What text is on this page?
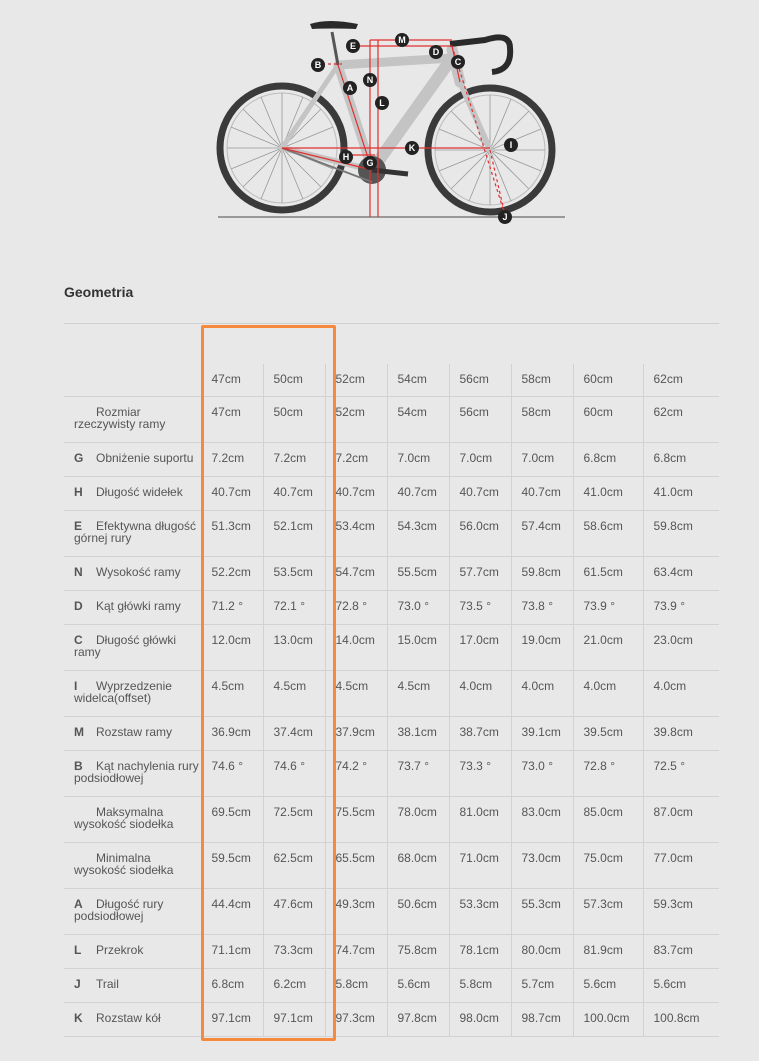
M
E
D
C
B
N
A
L
K	I
H
G
J
Geometria
	47cm	50cm	52cm	54cm	56cm	58cm	60cm	62cm

Rozmiar rzeczywisty ramy	47cm	50cm	52cm	54cm	56cm	58cm	60cm	62cm

G Obniżenie suportu	7.2cm	7.2cm	7.2cm	7.0cm	7.0cm	7.0cm	6.8cm	6.8cm

H Długość widełek	40.7cm	40.7cm	40.7cm	40.7cm	40.7cm	40.7cm	41.0cm	41.0cm

E Efektywna długość górnej rury	51.3cm	52.1cm	53.4cm	54.3cm	56.0cm	57.4cm	58.6cm	59.8cm

N Wysokość ramy	52.2cm	53.5cm	54.7cm	55.5cm	57.7cm	59.8cm	61.5cm	63.4cm

D Kąt główki ramy	71.2 °	72.1 °	72.8 °	73.0 °	73.5 °	73.8 °	73.9 °	73.9 °

C Długość główki ramy	12.0cm	13.0cm	14.0cm	15.0cm	17.0cm	19.0cm	21.0cm	23.0cm

I Wyprzedzenie widelca(offset)	4.5cm	4.5cm	4.5cm	4.5cm	4.0cm	4.0cm	4.0cm	4.0cm

M Rozstaw ramy	36.9cm	37.4cm	37.9cm	38.1cm	38.7cm	39.1cm	39.5cm	39.8cm

B Kąt nachylenia rury podsiodłowej	74.6 °	74.6 °	74.2 °	73.7 °	73.3 °	73.0 °	72.8 °	72.5 °

Maksymalna wysokość siodełka	69.5cm	72.5cm	75.5cm	78.0cm	81.0cm	83.0cm	85.0cm	87.0cm

Minimalna wysokość siodełka	59.5cm	62.5cm	65.5cm	68.0cm	71.0cm	73.0cm	75.0cm	77.0cm

A Długość rury podsiodłowej	44.4cm	47.6cm	49.3cm	50.6cm	53.3cm	55.3cm	57.3cm	59.3cm

L Przekrok	71.1cm	73.3cm	74.7cm	75.8cm	78.1cm	80.0cm	81.9cm	83.7cm

J Trail	6.8cm	6.2cm	5.8cm	5.6cm	5.8cm	5.7cm	5.6cm	5.6cm

K Rozstaw kół	97.1cm	97.1cm	97.3cm	97.8cm	98.0cm	98.7cm	100.0cm	100.8cm
